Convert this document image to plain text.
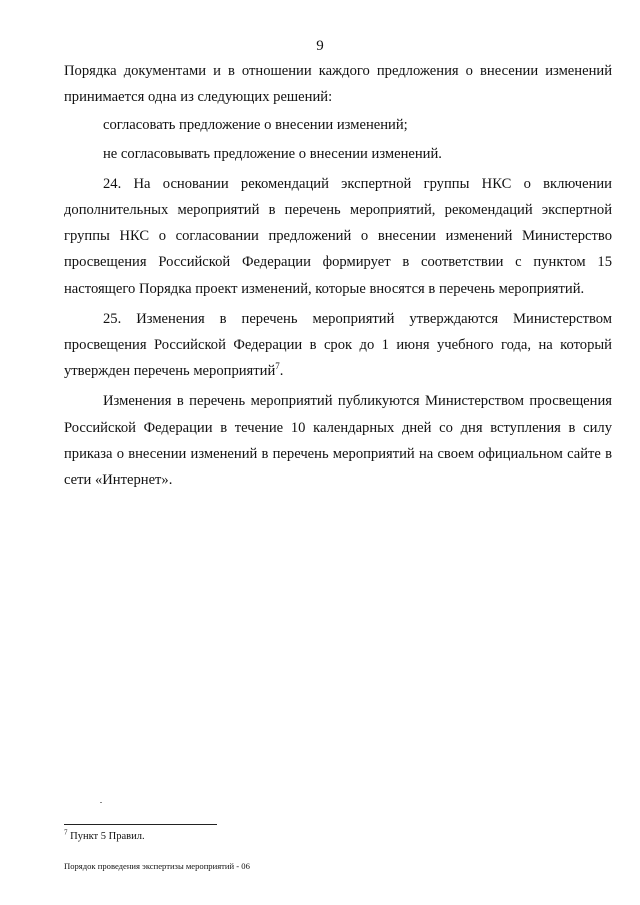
9

Порядка документами и в отношении каждого предложения о внесении изменений принимается одна из следующих решений:

согласовать предложение о внесении изменений;

не согласовывать предложение о внесении изменений.

24. На основании рекомендаций экспертной группы НКС о включении дополнительных мероприятий в перечень мероприятий, рекомендаций экспертной группы НКС о согласовании предложений о внесении изменений Министерство просвещения Российской Федерации формирует в соответствии с пунктом 15 настоящего Порядка проект изменений, которые вносятся в перечень мероприятий.

25. Изменения в перечень мероприятий утверждаются Министерством просвещения Российской Федерации в срок до 1 июня учебного года, на который утвержден перечень мероприятий$^7$.

Изменения в перечень мероприятий публикуются Министерством просвещения Российской Федерации в течение 10 календарных дней со дня вступления в силу приказа о внесении изменений в перечень мероприятий на своем официальном сайте в сети «Интернет».

$^7$ Пункт 5 Правил.
Порядок проведения экспертизы мероприятий - 06
